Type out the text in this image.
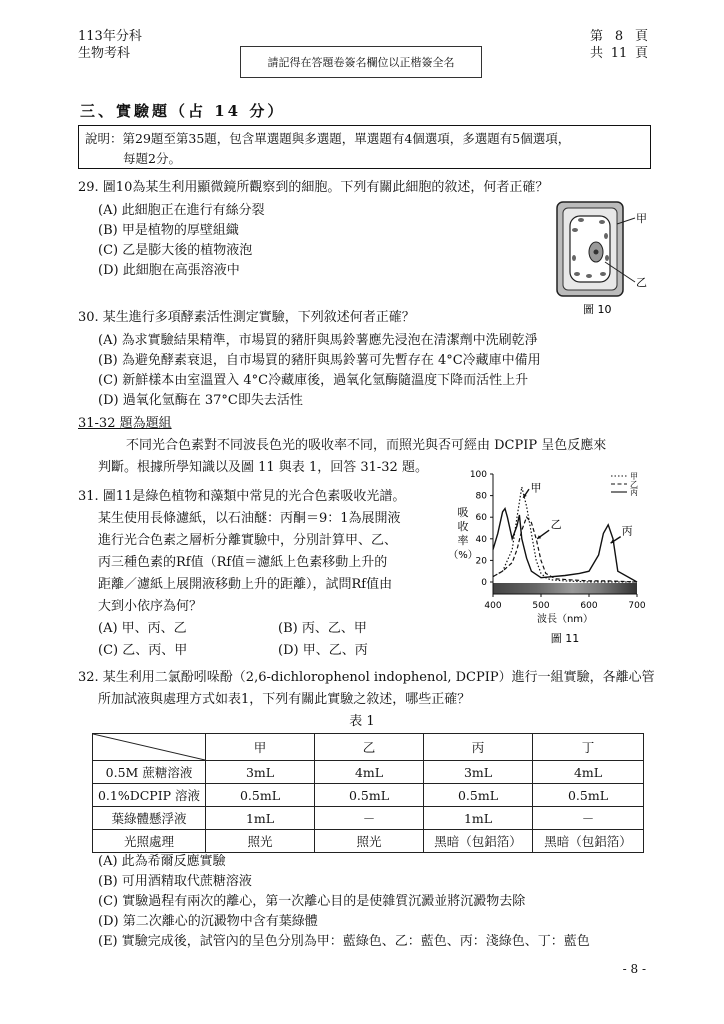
113年分科
生物考科
請記得在答題卷簽名欄位以正楷簽全名
第 8 頁
共 11 頁
三、實驗題（占 14 分）
說明：第29題至第35題，包含單選題與多選題，單選題有4個選項，多選題有5個選項，
每題2分。
29. 圖10為某生利用顯微鏡所觀察到的細胞。下列有關此細胞的敘述，何者正確？
(A) 此細胞正在進行有絲分裂
(B) 甲是植物的厚壁組織
(C) 乙是膨大後的植物液泡
(D) 此細胞在高張溶液中
甲
乙
圖 10
30. 某生進行多項酵素活性測定實驗，下列敘述何者正確？
(A) 為求實驗結果精準，市場買的豬肝與馬鈴薯應先浸泡在清潔劑中洗刷乾淨
(B) 為避免酵素衰退，自市場買的豬肝與馬鈴薯可先暫存在 4°C冷藏庫中備用
(C) 新鮮樣本由室溫置入 4°C冷藏庫後，過氧化氫酶隨溫度下降而活性上升
(D) 過氧化氫酶在 37°C即失去活性
31-32 題為題組
不同光合色素對不同波長色光的吸收率不同，而照光與否可經由 DCPIP 呈色反應來
判斷。根據所學知識以及圖 11 與表 1，回答 31-32 題。
31. 圖11是綠色植物和藻類中常見的光合色素吸收光譜。
某生使用長條濾紙，以石油醚：丙酮＝9：1為展開液
進行光合色素之層析分離實驗中，分別計算甲、乙、
丙三種色素的Rf值（Rf值＝濾紙上色素移動上升的
距離／濾紙上展開液移動上升的距離），試問Rf值由
大到小依序為何？
(A) 甲、丙、乙	(B) 丙、乙、甲
(C) 乙、丙、甲	(D) 甲、乙、丙
吸
收
率
（%）
0
20
40
60
80
100
400	500	600	700
甲
乙
丙
甲
乙	丙
波長（nm）
圖 11
32. 某生利用二氯酚吲哚酚（2,6-dichlorophenol indophenol, DCPIP）進行一組實驗，各離心管
所加試液與處理方式如表1，下列有關此實驗之敘述，哪些正確？
表 1
	甲	乙	丙	丁
0.5M 蔗糖溶液	3mL	4mL	3mL	4mL
0.1%DCPIP 溶液	0.5mL	0.5mL	0.5mL	0.5mL
葉綠體懸浮液	1mL	－	1mL	－
光照處理	照光	照光	黑暗（包鋁箔）	黑暗（包鋁箔）
(A) 此為希爾反應實驗
(B) 可用酒精取代蔗糖溶液
(C) 實驗過程有兩次的離心，第一次離心目的是使雜質沉澱並將沉澱物去除
(D) 第二次離心的沉澱物中含有葉綠體
(E) 實驗完成後，試管內的呈色分別為甲：藍綠色、乙：藍色、丙：淺綠色、丁：藍色
- 8 -
